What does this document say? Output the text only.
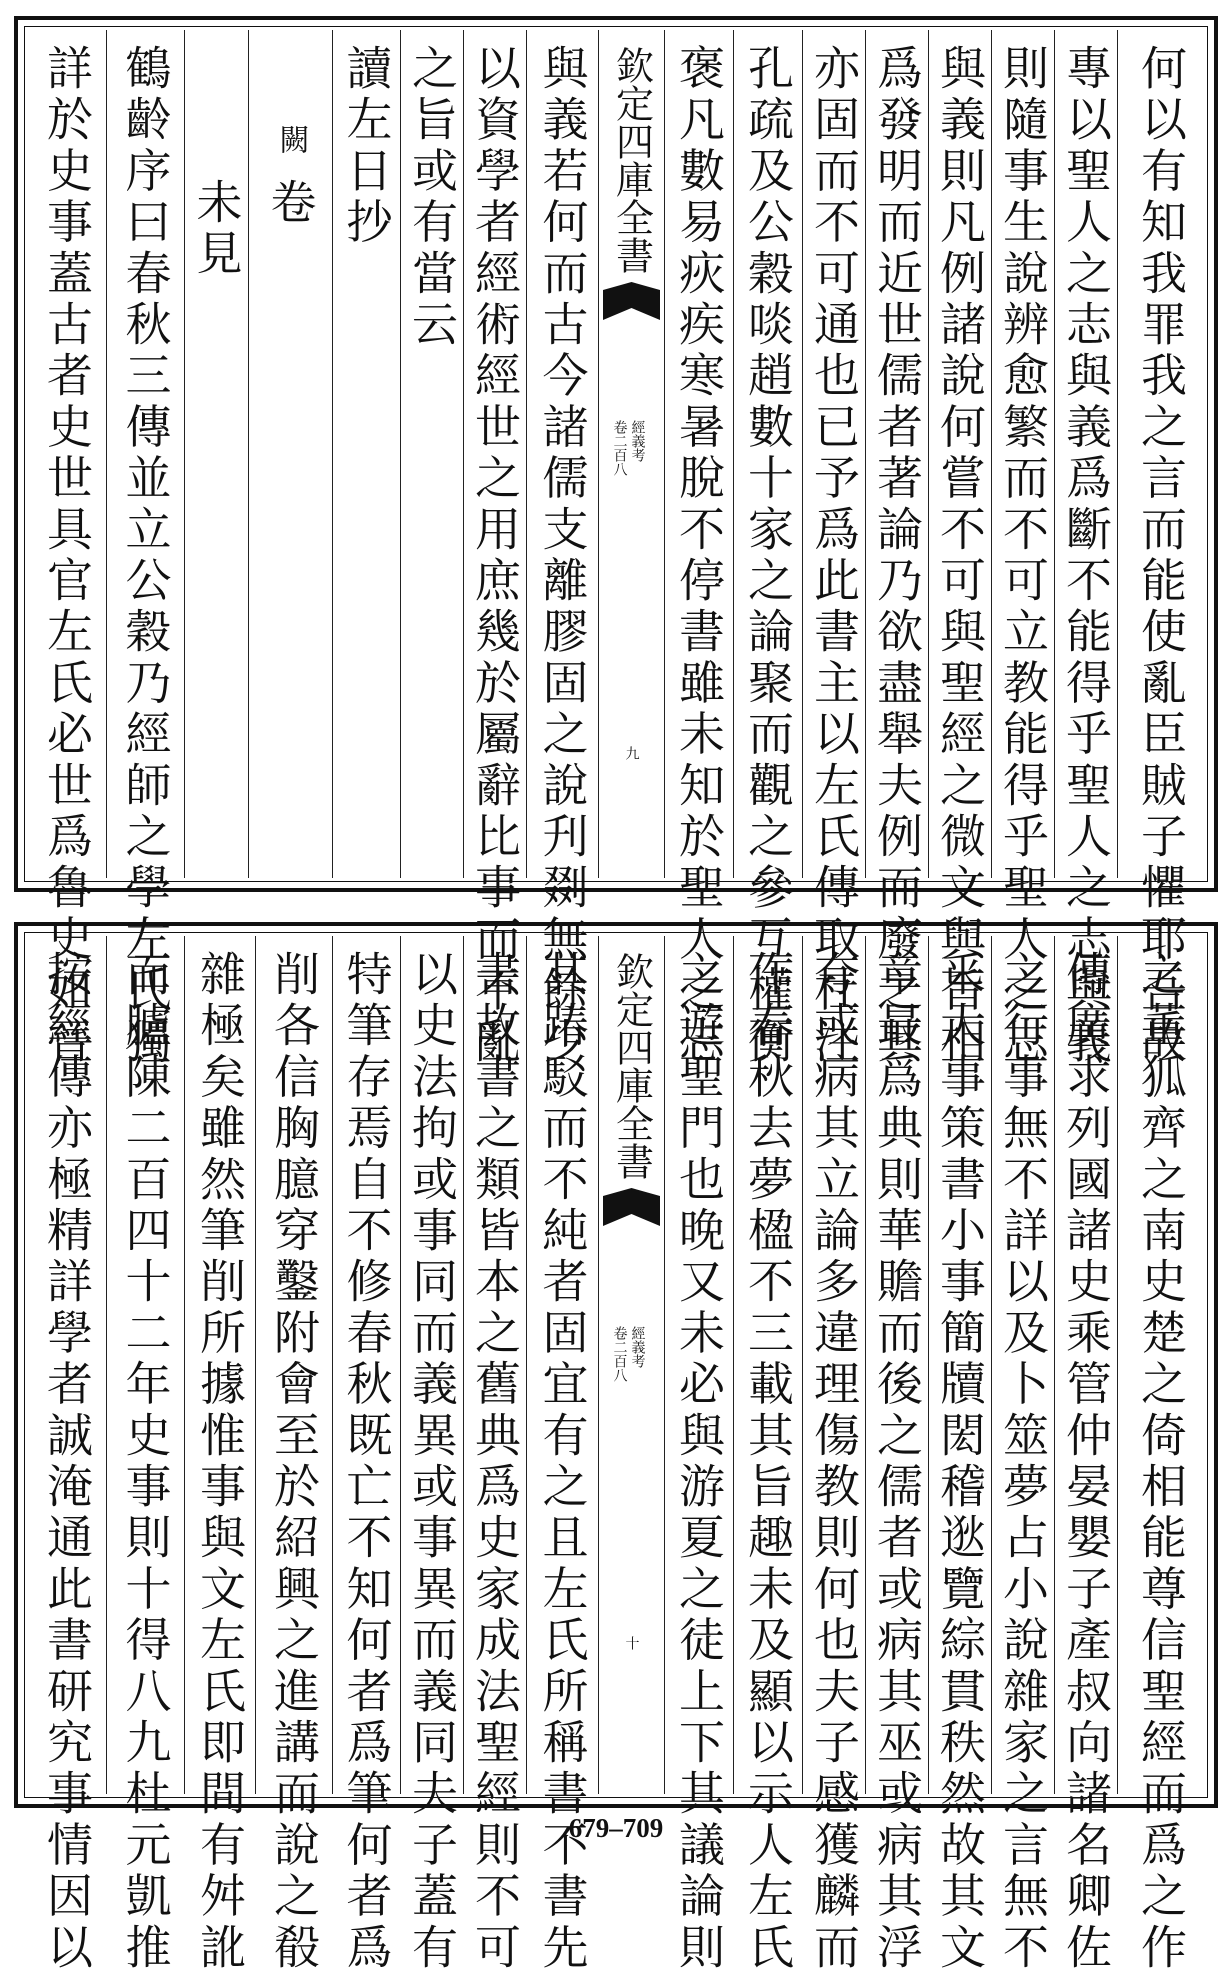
何以有知我罪我之言而能使亂臣賊子懼耶吾故
專以聖人之志與義爲斷不能得乎聖人之志與義
則隨事生說辨愈繁而不可立教能得乎聖人之志
與義則凡例諸說何嘗不可與聖經之微文與旨相
爲發明而近世儒者著論乃欲盡舉夫例而廢之其
亦固而不可通也已予爲此書主以左氏傳取杜注
孔疏及公穀啖趙數十家之論聚而觀之參互權衡
褒凡數易疢疾寒暑脫不停書雖未知於聖人之志
欽定四庫全書
經義考
卷二百八
九
與義若何而古今諸儒支離膠固之說刋剟無餘少
以資學者經術經世之用庶幾於屬辭比事而不亂
之旨或有當云
讀左日抄
闕
卷
未見
鶴齡序曰春秋三傳並立公穀乃經師之學左氏獨
詳於史事蓋古者史世具官左氏必世爲魯史如晉
之董狐齊之南史楚之倚相能尊信聖經而爲之作
傳廣求列國諸史乘管仲晏嬰子產叔向諸名卿佐
之行事無不詳以及卜筮夢占小說雜家之言無不
釆大事策書小事簡牘閎稽逖覽綜貫秩然故其文
章最爲典則華贍而後之儒者或病其巫或病其浮
夸或病其立論多違理傷教則何也夫子感獲麟而
作春秋去夢楹不三載其旨趣未及顯以示人左氏
之遊聖門也晚又未必與游夏之徒上下其議論則
欽定四庫全書
經義考
卷二百八
十
其踳駁而不純者固宜有之且左氏所稱書不書先
書故書之類皆本之舊典爲史家成法聖經則不可
以史法拘或事同而義異或事異而義同夫子蓋有
特筆存焉自不修春秋既亡不知何者爲筆何者爲
削各信胸臆穿鑿附會至於紹興之進講而說之殽
雜極矣雖然筆削所據惟事與文左氏即間有舛訛
而臚陳二百四十二年史事則十得八九杜元凱推
按經傳亦極精詳學者誠淹通此書研究事情因以	679–709
